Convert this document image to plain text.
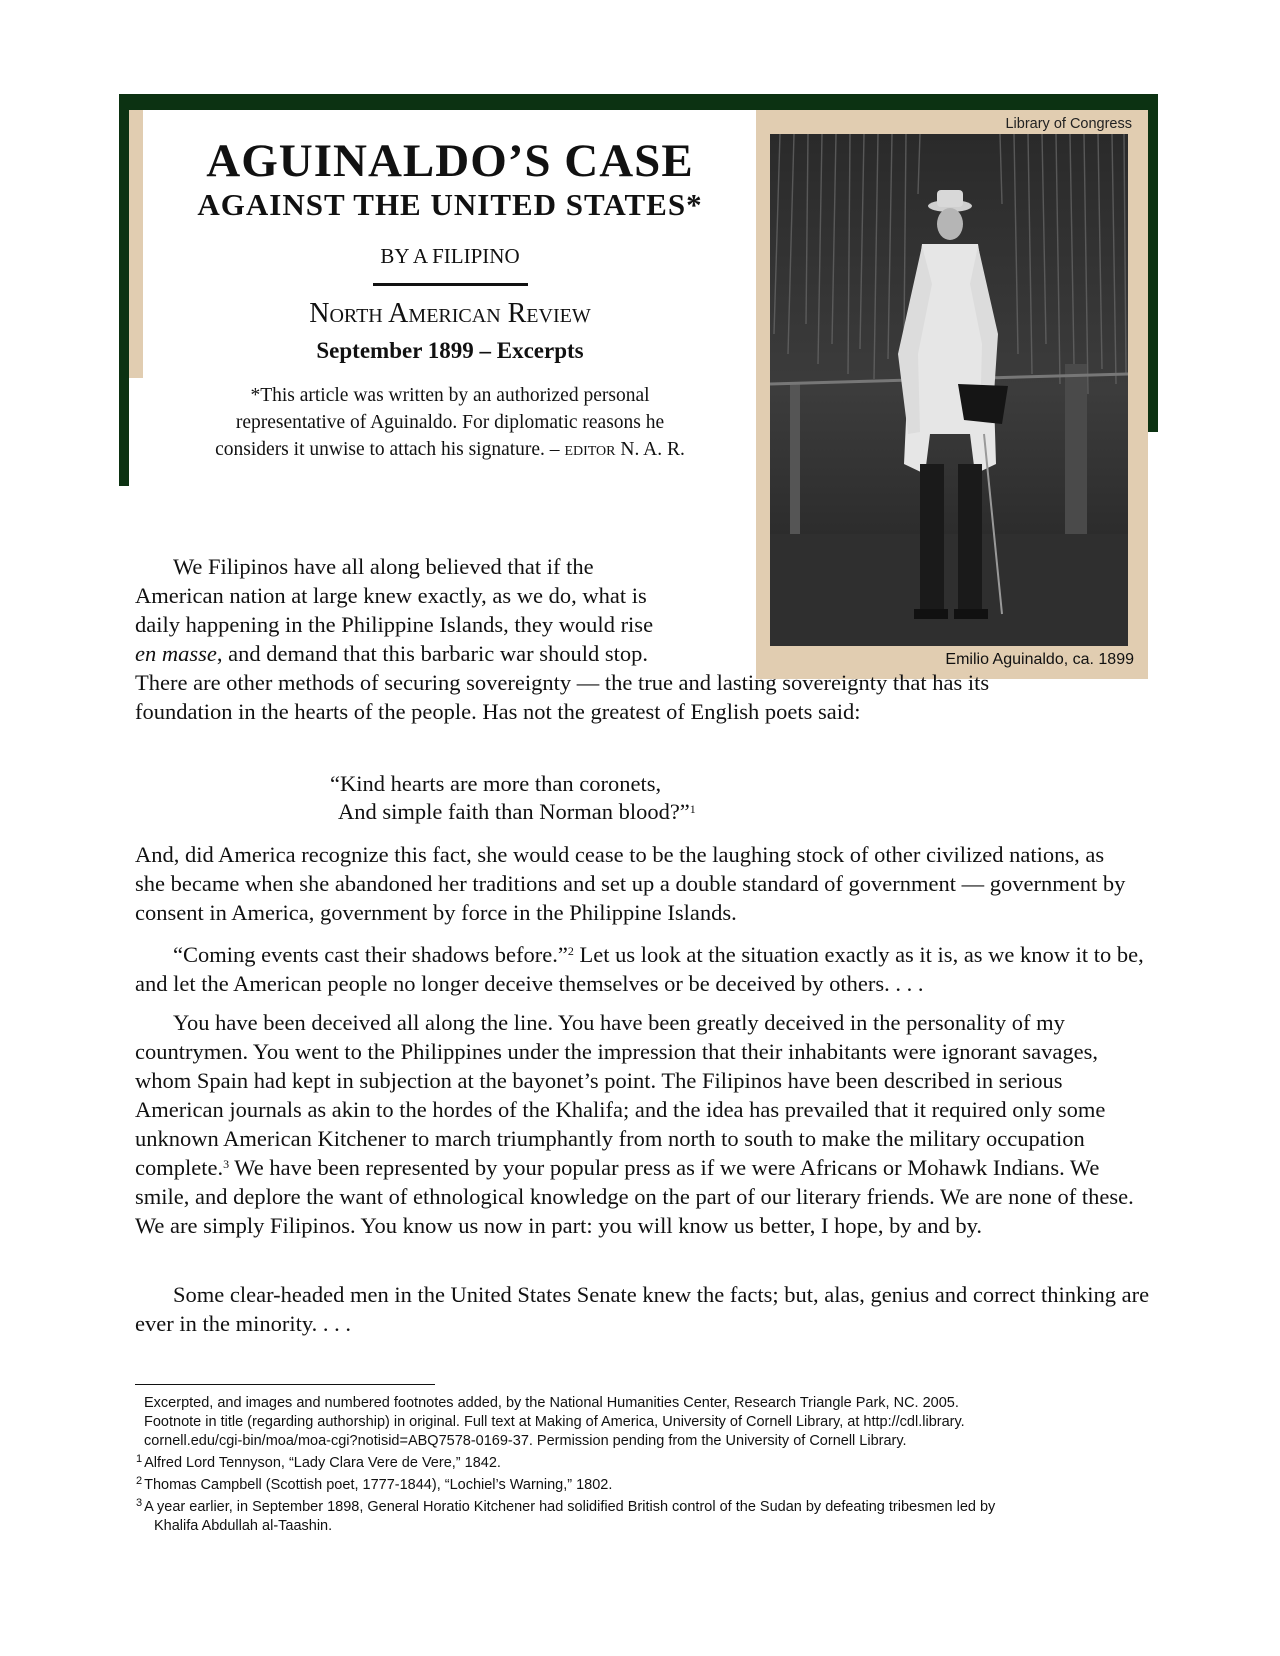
AGUINALDO’S CASE
AGAINST THE UNITED STATES*
BY A FILIPINO
North American Review
September 1899 – Excerpts
*This article was written by an authorized personal
representative of Aguinaldo. For diplomatic reasons he
considers it unwise to attach his signature. – EDITOR N. A. R.
Library of Congress
Emilio Aguinaldo, ca. 1899
We Filipinos have all along believed that if the
American nation at large knew exactly, as we do, what is
daily happening in the Philippine Islands, they would rise
en masse, and demand that this barbaric war should stop.
There are other methods of securing sovereignty — the true and lasting sovereignty that has its
foundation in the hearts of the people. Has not the greatest of English poets said:
“Kind hearts are more than coronets,
And simple faith than Norman blood?”$^1$

And, did America recognize this fact, she would cease to be the laughing stock of other civilized nations, as she became when she abandoned her traditions and set up a double standard of government — government by consent in America, government by force in the Philippine Islands.

“Coming events cast their shadows before.”$^2$ Let us look at the situation exactly as it is, as we know it to be, and let the American people no longer deceive themselves or be deceived by others. . . .

You have been deceived all along the line. You have been greatly deceived in the personality of my countrymen. You went to the Philippines under the impression that their inhabitants were ignorant savages, whom Spain had kept in subjection at the bayonet’s point. The Filipinos have been described in serious American journals as akin to the hordes of the Khalifa; and the idea has prevailed that it required only some unknown American Kitchener to march triumphantly from north to south to make the military occupation complete.$^3$ We have been represented by your popular press as if we were Africans or Mohawk Indians. We smile, and deplore the want of ethnological knowledge on the part of our literary friends. We are none of these. We are simply Filipinos. You know us now in part: you will know us better, I hope, by and by.

Some clear-headed men in the United States Senate knew the facts; but, alas, genius and correct thinking are ever in the minority. . . .

Excerpted, and images and numbered footnotes added, by the National Humanities Center, Research Triangle Park, NC. 2005.
Footnote in title (regarding authorship) in original. Full text at Making of America, University of Cornell Library, at http://cdl.library.
cornell.edu/cgi-bin/moa/moa-cgi?notisid=ABQ7578-0169-37. Permission pending from the University of Cornell Library.

$^1$ Alfred Lord Tennyson, “Lady Clara Vere de Vere,” 1842.

$^2$ Thomas Campbell (Scottish poet, 1777-1844), “Lochiel’s Warning,” 1802.

$^3$ A year earlier, in September 1898, General Horatio Kitchener had solidified British control of the Sudan by defeating tribesmen led by
Khalifa Abdullah al-Taashin.
